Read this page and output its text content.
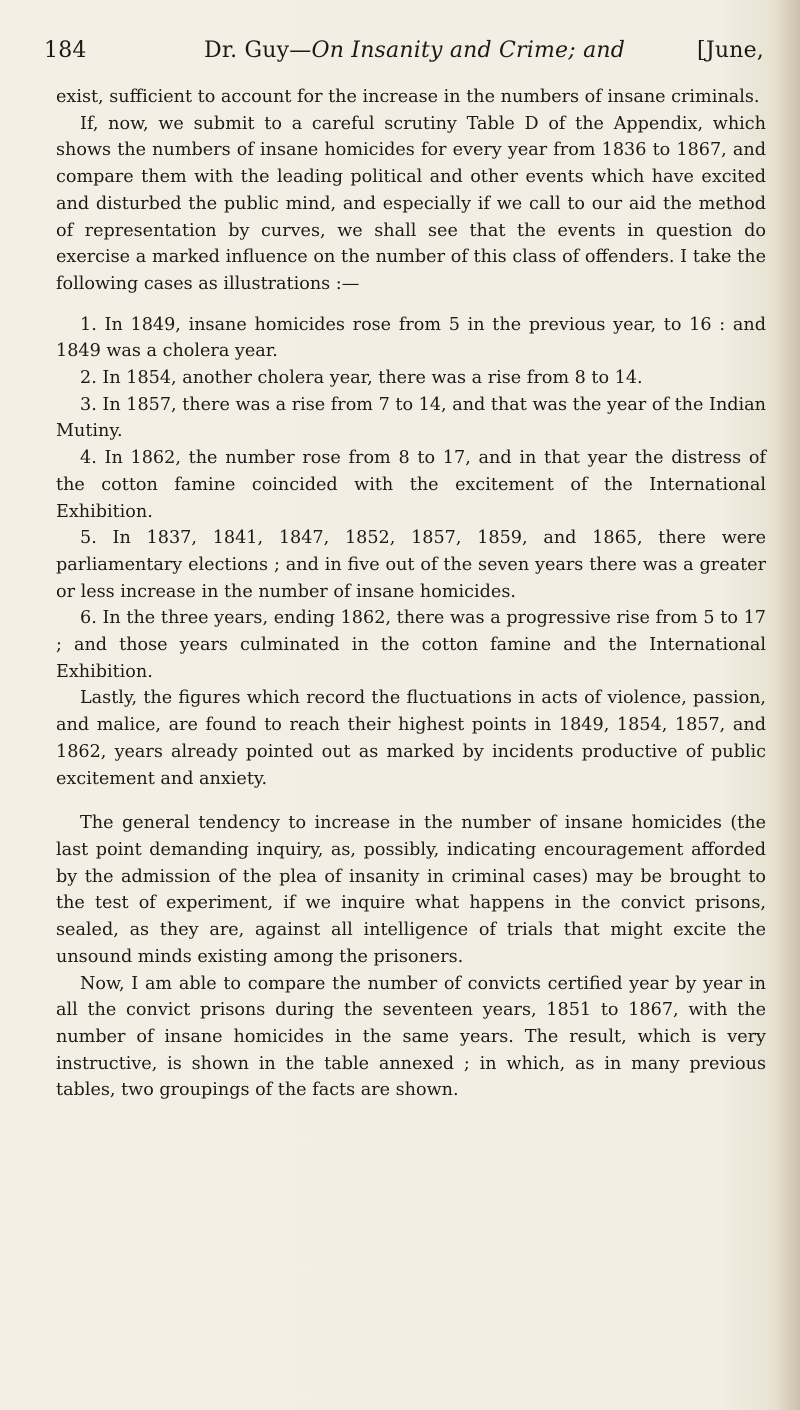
184	Dr. Guy—On Insanity and Crime; and	[June,

exist, sufficient to account for the increase in the numbers of insane criminals.

If, now, we submit to a careful scrutiny Table D of the Appendix, which shows the numbers of insane homicides for every year from 1836 to 1867, and compare them with the leading political and other events which have excited and disturbed the public mind, and especially if we call to our aid the method of representation by curves, we shall see that the events in question do exercise a marked influence on the number of this class of offenders. I take the following cases as illustrations :—

1. In 1849, insane homicides rose from 5 in the previous year, to 16 : and 1849 was a cholera year.

2. In 1854, another cholera year, there was a rise from 8 to 14.

3. In 1857, there was a rise from 7 to 14, and that was the year of the Indian Mutiny.

4. In 1862, the number rose from 8 to 17, and in that year the distress of the cotton famine coincided with the excitement of the International Exhibition.

5. In 1837, 1841, 1847, 1852, 1857, 1859, and 1865, there were parliamentary elections ; and in five out of the seven years there was a greater or less increase in the number of insane homicides.

6. In the three years, ending 1862, there was a progressive rise from 5 to 17 ; and those years culminated in the cotton famine and the International Exhibition.

Lastly, the figures which record the fluctuations in acts of violence, passion, and malice, are found to reach their highest points in 1849, 1854, 1857, and 1862, years already pointed out as marked by incidents productive of public excitement and anxiety.

The general tendency to increase in the number of insane homicides (the last point demanding inquiry, as, possibly, indicating encouragement afforded by the admission of the plea of insanity in criminal cases) may be brought to the test of experiment, if we inquire what happens in the convict prisons, sealed, as they are, against all intelligence of trials that might excite the unsound minds existing among the prisoners.

Now, I am able to compare the number of convicts certified year by year in all the convict prisons during the seventeen years, 1851 to 1867, with the number of insane homicides in the same years. The result, which is very instructive, is shown in the table annexed ; in which, as in many previous tables, two groupings of the facts are shown.
